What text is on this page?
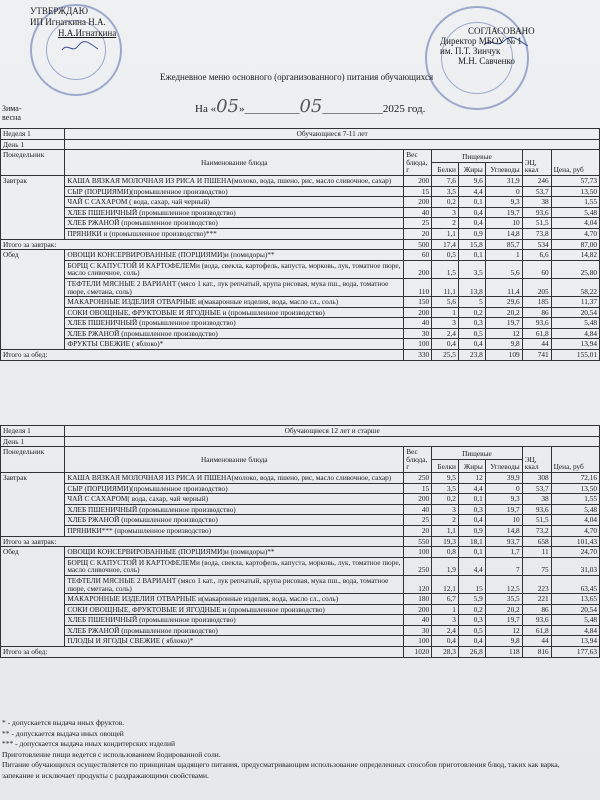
УТВЕРЖДАЮ
ИП Игнаткина Н.А.
Н.А.Игнаткина	СОГЛАСОВАНО
Директор МБОУ № 1
им. П.Т. Зинчук
М.Н. Савченко
Ежедневное меню основного (организованного) питания обучающихся
На «05»__________05___________2025 год.
Зима-весна
Неделя 1	Обучающиеся 7-11 лет						
День 1							
Понедельник	Наименование блюда	Вес блюда, г	Пищевые			ЭЦ, ккал	Цена, руб
			Белки	Жиры	Углеводы		
Завтрак	КАША ВЯЗКАЯ МОЛОЧНАЯ ИЗ РИСА И ПШЕНА(молоко, вода, пшено, рис, масло сливочное, сахар)	200	7,6	9,6	31,9	246	57,73
	СЫР (ПОРЦИЯМИ)(промышленное производство)	15	3,5	4,4	0	53,7	13,50
	ЧАЙ С САХАРОМ ( вода, сахар, чай черный)	200	0,2	0,1	9,3	38	1,55
	ХЛЕБ ПШЕНИЧНЫЙ (промышленное производство)	40	3	0,4	19,7	93,6	5,48
	ХЛЕБ РЖАНОЙ (промышленное производство)	25	2	0,4	10	51,5	4,04
	ПРЯНИКИ и (промышленное производство)***	20	1,1	0,9	14,8	73,8	4,70
Итого за завтрак:		500	17,4	15,8	85,7	534	87,00
Обед	ОВОЩИ КОНСЕРВИРОВАННЫЕ (ПОРЦИЯМИ)и (помидоры)**	60	0,5	0,1	1	6,6	14,82
	БОРЩ С КАПУСТОЙ И КАРТОФЕЛЕМи (вода, свекла, картофель, капуста, морковь, лук, томатное пюре, масло сливочное, соль)	200	1,5	3,5	5,6	60	25,80
	ТЕФТЕЛИ МЯСНЫЕ 2 ВАРИАНТ (мясо 1 кат., лук репчатый, крупа рисовая, мука пш., вода, томатное пюре, сметана, соль)	110	11,1	13,8	11,4	205	58,22
	МАКАРОННЫЕ ИЗДЕЛИЯ ОТВАРНЫЕ и(макаронные изделия, вода, масло сл., соль)	150	5,6	5	29,6	185	11,37
	СОКИ ОВОЩНЫЕ, ФРУКТОВЫЕ И ЯГОДНЫЕ и (промышленное производство)	200	1	0,2	20,2	86	20,54
	ХЛЕБ ПШЕНИЧНЫЙ (промышленное производство)	40	3	0,3	19,7	93,6	5,48
	ХЛЕБ РЖАНОЙ (промышленное производство)	30	2,4	0,5	12	61,8	4,84
	ФРУКТЫ СВЕЖИЕ ( яблоко)*	100	0,4	0,4	9,8	44	13,94
Итого за обед:		330	25,5	23,8	109	741	155,01
Неделя 1	Обучающиеся 12 лет и старше						
День 1							
Понедельник	Наименование блюда	Вес блюда, г	Пищевые			ЭЦ, ккал	Цена, руб
			Белки	Жиры	Углеводы		
Завтрак	КАША ВЯЗКАЯ МОЛОЧНАЯ ИЗ РИСА И ПШЕНА(молоко, вода, пшено, рис, масло сливочное, сахар)	250	9,5	12	39,9	308	72,16
	СЫР (ПОРЦИЯМИ)(промышленное производство)	15	3,5	4,4	0	53,7	13,50
	ЧАЙ С САХАРОМ( вода, сахар, чай черный)	200	0,2	0,1	9,3	38	1,55
	ХЛЕБ ПШЕНИЧНЫЙ (промышленное производство)	40	3	0,3	19,7	93,6	5,48
	ХЛЕБ РЖАНОЙ (промышленное производство)	25	2	0,4	10	51,5	4,04
	ПРЯНИКИ*** (промышленное производство)	20	1,1	0,9	14,8	73,2	4,70
Итого за завтрак:		550	19,3	18,1	93,7	658	101,43
Обед	ОВОЩИ КОНСЕРВИРОВАННЫЕ (ПОРЦИЯМИ)и (помидоры)**	100	0,8	0,1	1,7	11	24,70
	БОРЩ С КАПУСТОЙ И КАРТОФЕЛЕМи (вода, свекла, картофель, капуста, морковь, лук, томатное пюре, масло сливочное, соль)	250	1,9	4,4	7	75	31,03
	ТЕФТЕЛИ МЯСНЫЕ 2 ВАРИАНТ (мясо 1 кат., лук репчатый, крупа рисовая, мука пш., вода, томатное пюре, сметана, соль)	120	12,1	15	12,5	223	63,45
	МАКАРОННЫЕ ИЗДЕЛИЯ ОТВАРНЫЕ и(макаронные изделия, вода, масло сл., соль)	180	6,7	5,9	35,5	221	13,65
	СОКИ ОВОЩНЫЕ, ФРУКТОВЫЕ И ЯГОДНЫЕ и (промышленное производство)	200	1	0,2	20,2	86	20,54
	ХЛЕБ ПШЕНИЧНЫЙ (промышленное производство)	40	3	0,3	19,7	93,6	5,48
	ХЛЕБ РЖАНОЙ (промышленное производство)	30	2,4	0,5	12	61,8	4,84
	ПЛОДЫ И ЯГОДЫ СВЕЖИЕ ( яблоко)*	100	0,4	0,4	9,8	44	13,94
Итого за обед:		1020	28,3	26,8	118	816	177,63
* - допускается выдача иных фруктов.
** - допускается выдача иных овощей
*** - допускается выдача иных кондитерских изделий
Приготовление пищи ведется с использованием йодированной соли.
Питание обучающихся осуществляется по принципам щадящего питания, предусматривающим использование определенных способов приготовления блюд, таких как варка, запекание и исключает продукты с раздражающими свойствами.
